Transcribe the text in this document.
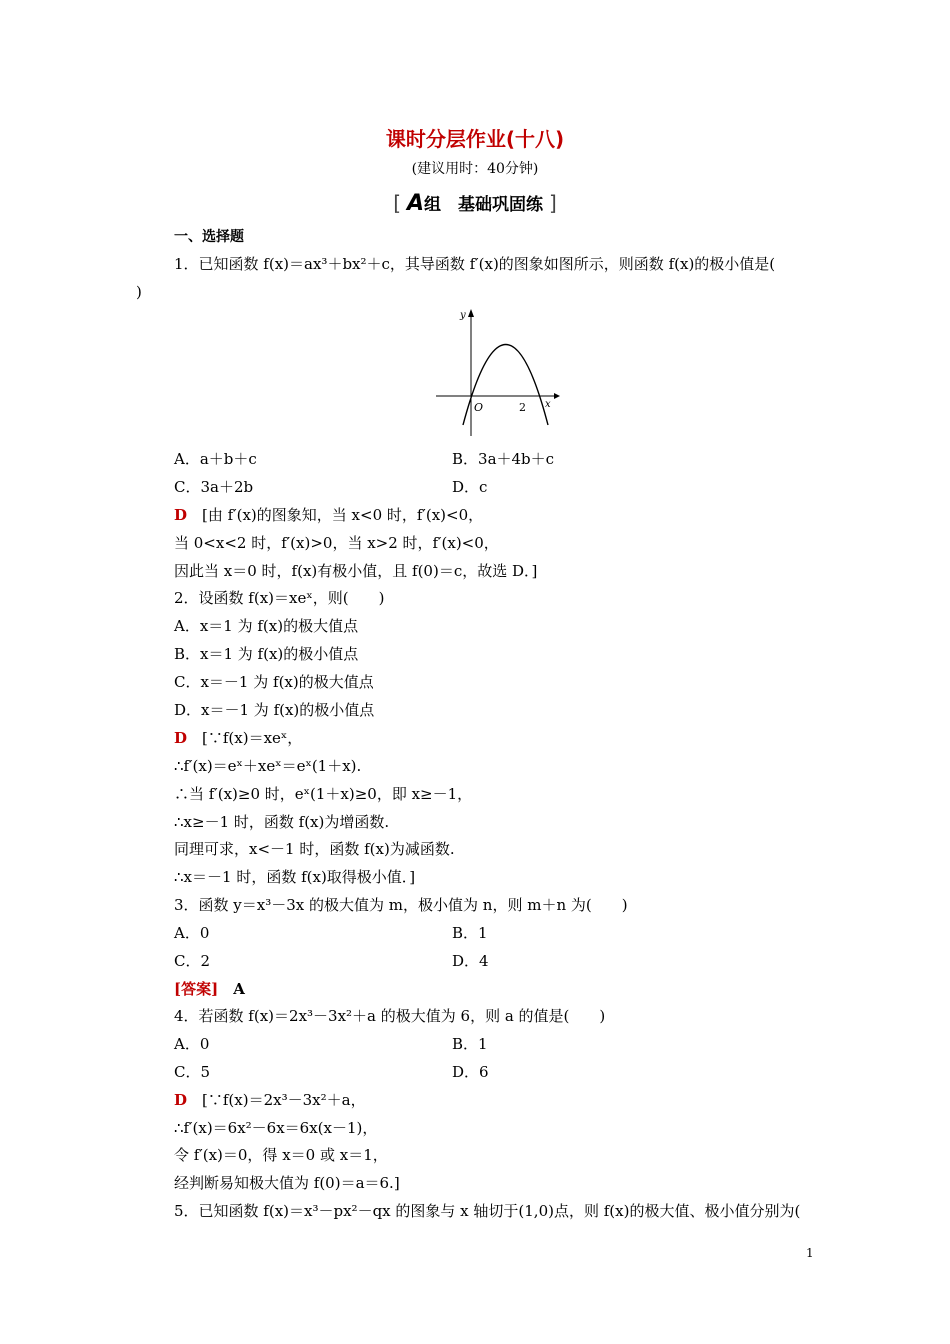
课时分层作业(十八)
(建议用时：40分钟)
[ A组　基础巩固练 ]
一、选择题
1．已知函数 f(x)＝ax³＋bx²＋c，其导函数 f′(x)的图象如图所示，则函数 f(x)的极小值是(
)
y
x
O	2
A．a＋b＋c	B．3a＋4b＋c
C．3a＋2b	D．c
D　 [由 f′(x)的图象知，当 x<0 时，f′(x)<0，
当 0<x<2 时，f′(x)>0，当 x>2 时，f′(x)<0，
因此当 x＝0 时，f(x)有极小值，且 f(0)＝c，故选 D．]
2．设函数 f(x)＝xeˣ，则(　　)
A．x＝1 为 f(x)的极大值点
B．x＝1 为 f(x)的极小值点
C．x＝－1 为 f(x)的极大值点
D．x＝－1 为 f(x)的极小值点
D　 [∵f(x)＝xeˣ，
∴f′(x)＝eˣ＋xeˣ＝eˣ(1＋x).
∴当 f′(x)≥0 时，eˣ(1＋x)≥0，即 x≥－1，
∴x≥－1 时，函数 f(x)为增函数.
同理可求，x<－1 时，函数 f(x)为减函数.
∴x＝－1 时，函数 f(x)取得极小值．]
3．函数 y＝x³－3x 的极大值为 m，极小值为 n，则 m＋n 为(　　)
A．0	B．1
C．2	D．4
[答案]　 A
4．若函数 f(x)＝2x³－3x²＋a 的极大值为 6，则 a 的值是(　　)
A．0	B．1
C．5	D．6
D　 [∵f(x)＝2x³－3x²＋a，
∴f′(x)＝6x²－6x＝6x(x－1)，
令 f′(x)＝0，得 x＝0 或 x＝1，
经判断易知极大值为 f(0)＝a＝6.]
5．已知函数 f(x)＝x³－px²－qx 的图象与 x 轴切于(1,0)点，则 f(x)的极大值、极小值分别为(
1
